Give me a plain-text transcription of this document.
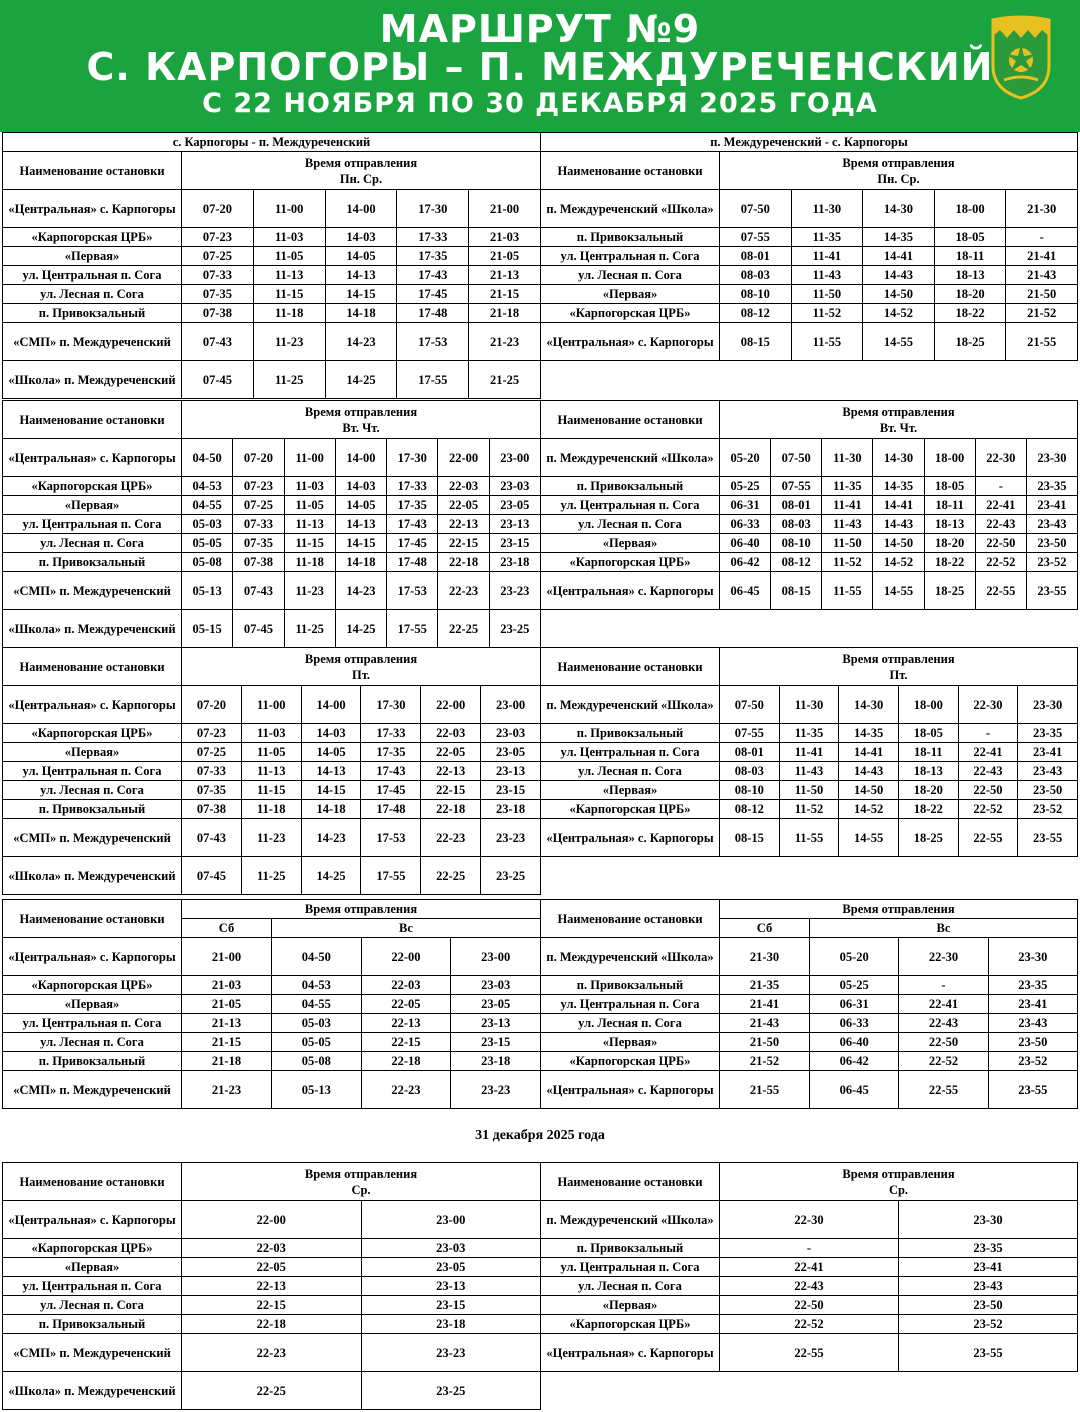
МАРШРУТ №9
С. КАРПОГОРЫ – П. МЕЖДУРЕЧЕНСКИЙ
С 22 НОЯБРЯ ПО 30 ДЕКАБРЯ 2025 ГОДА
с. Карпогоры - п. Междуреченский					
Наименование остановки	Время отправления
Пн. Ср.				
«Центральная» с. Карпогоры	07-20	11-00	14-00	17-30	21-00
«Карпогорская ЦРБ»	07-23	11-03	14-03	17-33	21-03
«Первая»	07-25	11-05	14-05	17-35	21-05
ул. Центральная п. Сога	07-33	11-13	14-13	17-43	21-13
ул. Лесная п. Сога	07-35	11-15	14-15	17-45	21-15
п. Привокзальный	07-38	11-18	14-18	17-48	21-18
«СМП» п. Междуреченский	07-43	11-23	14-23	17-53	21-23
«Школа» п. Междуреченский	07-45	11-25	14-25	17-55	21-25
п. Междуреченский - с. Карпогоры					
Наименование остановки	Время отправления
Пн. Ср.				
п. Междуреченский «Школа»	07-50	11-30	14-30	18-00	21-30
п. Привокзальный	07-55	11-35	14-35	18-05	-
ул. Центральная п. Сога	08-01	11-41	14-41	18-11	21-41
ул. Лесная п. Сога	08-03	11-43	14-43	18-13	21-43
«Первая»	08-10	11-50	14-50	18-20	21-50
«Карпогорская ЦРБ»	08-12	11-52	14-52	18-22	21-52
«Центральная» с. Карпогоры	08-15	11-55	14-55	18-25	21-55
Наименование остановки	Время отправления
Вт. Чт.						
«Центральная» с. Карпогоры	04-50	07-20	11-00	14-00	17-30	22-00	23-00
«Карпогорская ЦРБ»	04-53	07-23	11-03	14-03	17-33	22-03	23-03
«Первая»	04-55	07-25	11-05	14-05	17-35	22-05	23-05
ул. Центральная п. Сога	05-03	07-33	11-13	14-13	17-43	22-13	23-13
ул. Лесная п. Сога	05-05	07-35	11-15	14-15	17-45	22-15	23-15
п. Привокзальный	05-08	07-38	11-18	14-18	17-48	22-18	23-18
«СМП» п. Междуреченский	05-13	07-43	11-23	14-23	17-53	22-23	23-23
«Школа» п. Междуреченский	05-15	07-45	11-25	14-25	17-55	22-25	23-25
Наименование остановки	Время отправления
Вт. Чт.						
п. Междуреченский «Школа»	05-20	07-50	11-30	14-30	18-00	22-30	23-30
п. Привокзальный	05-25	07-55	11-35	14-35	18-05	-	23-35
ул. Центральная п. Сога	06-31	08-01	11-41	14-41	18-11	22-41	23-41
ул. Лесная п. Сога	06-33	08-03	11-43	14-43	18-13	22-43	23-43
«Первая»	06-40	08-10	11-50	14-50	18-20	22-50	23-50
«Карпогорская ЦРБ»	06-42	08-12	11-52	14-52	18-22	22-52	23-52
«Центральная» с. Карпогоры	06-45	08-15	11-55	14-55	18-25	22-55	23-55
Наименование остановки	Время отправления
Пт.					
«Центральная» с. Карпогоры	07-20	11-00	14-00	17-30	22-00	23-00
«Карпогорская ЦРБ»	07-23	11-03	14-03	17-33	22-03	23-03
«Первая»	07-25	11-05	14-05	17-35	22-05	23-05
ул. Центральная п. Сога	07-33	11-13	14-13	17-43	22-13	23-13
ул. Лесная п. Сога	07-35	11-15	14-15	17-45	22-15	23-15
п. Привокзальный	07-38	11-18	14-18	17-48	22-18	23-18
«СМП» п. Междуреченский	07-43	11-23	14-23	17-53	22-23	23-23
«Школа» п. Междуреченский	07-45	11-25	14-25	17-55	22-25	23-25
Наименование остановки	Время отправления
Пт.					
п. Междуреченский «Школа»	07-50	11-30	14-30	18-00	22-30	23-30
п. Привокзальный	07-55	11-35	14-35	18-05	-	23-35
ул. Центральная п. Сога	08-01	11-41	14-41	18-11	22-41	23-41
ул. Лесная п. Сога	08-03	11-43	14-43	18-13	22-43	23-43
«Первая»	08-10	11-50	14-50	18-20	22-50	23-50
«Карпогорская ЦРБ»	08-12	11-52	14-52	18-22	22-52	23-52
«Центральная» с. Карпогоры	08-15	11-55	14-55	18-25	22-55	23-55
Наименование остановки	Время отправления			
	Сб	Вс		
«Центральная» с. Карпогоры	21-00	04-50	22-00	23-00
«Карпогорская ЦРБ»	21-03	04-53	22-03	23-03
«Первая»	21-05	04-55	22-05	23-05
ул. Центральная п. Сога	21-13	05-03	22-13	23-13
ул. Лесная п. Сога	21-15	05-05	22-15	23-15
п. Привокзальный	21-18	05-08	22-18	23-18
«СМП» п. Междуреченский	21-23	05-13	22-23	23-23
Наименование остановки	Время отправления			
	Сб	Вс		
п. Междуреченский «Школа»	21-30	05-20	22-30	23-30
п. Привокзальный	21-35	05-25	-	23-35
ул. Центральная п. Сога	21-41	06-31	22-41	23-41
ул. Лесная п. Сога	21-43	06-33	22-43	23-43
«Первая»	21-50	06-40	22-50	23-50
«Карпогорская ЦРБ»	21-52	06-42	22-52	23-52
«Центральная» с. Карпогоры	21-55	06-45	22-55	23-55
31 декабря 2025 года
Наименование остановки	Время отправления
Ср.	
«Центральная» с. Карпогоры	22-00	23-00
«Карпогорская ЦРБ»	22-03	23-03
«Первая»	22-05	23-05
ул. Центральная п. Сога	22-13	23-13
ул. Лесная п. Сога	22-15	23-15
п. Привокзальный	22-18	23-18
«СМП» п. Междуреченский	22-23	23-23
«Школа» п. Междуреченский	22-25	23-25
Наименование остановки	Время отправления
Ср.	
п. Междуреченский «Школа»	22-30	23-30
п. Привокзальный	-	23-35
ул. Центральная п. Сога	22-41	23-41
ул. Лесная п. Сога	22-43	23-43
«Первая»	22-50	23-50
«Карпогорская ЦРБ»	22-52	23-52
«Центральная» с. Карпогоры	22-55	23-55
